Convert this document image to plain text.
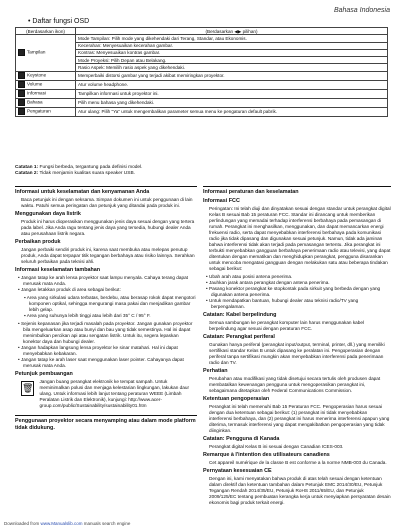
Bahasa Indonesia
• Daftar fungsi OSD
(Berdasarkan ikon)	(Berdasarkan ◀▶ pilihan)
Tampilan	Mode Tampilan: Pilih mode yang dikehendaki dari Terang, Standar, atau Ekonomis.
	Kecerahan: Menyesuaikan kecerahan gambar.
	Kontras: Menyesuaikan kontras gambar.
	Mode Proyeksi: Pilih Depan atau Belakang.
	Rasio Aspek: Memilih rasio aspek yang dikehendaki.
Keystone	Memperbaiki distorsi gambar yang terjadi akibat memiringkan proyektor.
Volume	Atur volume headphone.
Informasi	Tampilkan informasi untuk proyektor ini.
Bahasa	Pilih menu bahasa yang dikehendaki.
Pengaturan	Atur ulang: Pilih "Ya" untuk mengembalikan parameter semua menu ke pengaturan default pabrik.
Catatan 1: Fungsi berbeda, tergantung pada definisi model.
Catatan 2: Tidak menjamin kualitas suara speaker USB.
Informasi untuk keselamatan dan kenyamanan Anda
Baca petunjuk ini dengan seksama. Simpan dokumen ini untuk penggunaan di lain waktu. Patuhi semua peringatan dan petunjuk yang ditandai pada produk ini.
Menggunakan daya listrik
Produk ini harus dioperasikan menggunakan jenis daya sesuai dengan yang tertera pada label. Jika Anda ragu tentang jenis daya yang tersedia, hubungi dealer Anda atau perusahaan listrik negara.
Perbaikan produk
Jangan perbaiki sendiri produk ini, karena saat membuka atau melepas penutup produk, Anda dapat terpapar titik tegangan berbahaya atau risiko lainnya. Serahkan seluruh perbaikan pada teknisi ahli.
Informasi keselamatan tambahan
• Jangan tatap ke arah lensa proyektor saat lampu menyala. Cahaya terang dapat merusak mata Anda.
• Jangan letakkan produk di area sebagai berikut:
▪ Area yang sirkulasi udara terbatas, berdebu, atau berasap rokok dapat mengotori komponen optikal, sehingga mengurangi masa pakai dan menjadikan gambar lebih gelap.
▪ Area yang suhunya lebih tinggi atau lebih dari 35° C / 95° F.
• Sejenis kepanasan jika terjadi masalah pada proyektor. Jangan gunakan proyektor bila mengeluarkan asap atau bunyi dan bau yang tidak semestinya. Hal ini dapat menimbulkan percikan api atau sengatan listrik. Untuk itu, segera lepaskan konektor daya dan hubungi dealer.
• Jangan hadapkan langsung lensa proyektor ke sinar matahari. Hal ini dapat menyebabkan kebakaran.
• Jangan tatap ke arah laser saat menggunakan laser pointer. Cahayanya dapat merusak mata Anda.
Petunjuk pembuangan
🗑
Jangan buang perangkat elektronik ke tempat sampah. Untuk meminimalkan polusi dan menjaga kelestarian lingkungan, lakukan daur ulang. Untuk informasi lebih lanjut tentang peraturan WEEE (Limbah Peralatan Listrik dan Elektronik), kunjungi: http://www.acer-group.com/public/Sustainability/sustainability01.htm
Penggunaan proyektor secara menyamping atau dalam mode platform tidak didukung.
Informasi peraturan dan keselamatan
Informasi FCC
Peringatan: Ini telah diuji dan dinyatakan sesuai dengan standar untuk perangkat digital Kelas B sesuai Bab 15 peraturan FCC. Standar ini dirancang untuk memberikan perlindungan yang memadai terhadap interferensi berbahaya pada pemasangan di rumah. Perangkat ini menghasilkan, menggunakan, dan dapat memancarkan energi frekuensi radio, serta dapat menyebabkan interferensi berbahaya pada komunikasi radio jika tidak dipasang dan digunakan sesuai petunjuk. Namun, tidak ada jaminan bahwa interferensi tidak akan terjadi pada pemasangan tertentu. Jika perangkat ini terbukti menyebabkan gangguan berbahaya penerimaan radio atau televisi, yang dapat ditentukan dengan mematikan dan menghidupkan perangkat, pengguna disarankan untuk mencoba mengatasi gangguan dengan melakukan satu atau beberapa tindakan sebagai berikut:
• Ubah arah atau posisi antena penerima.
• Jauhkan jarak antara perangkat dengan antena penerima.
• Pasang konektor perangkat ke stopkontak pada sirkuit yang berbeda dengan yang digunakan antena penerima.
• Untuk mendapatkan bantuan, hubungi dealer atau teknisi radio/TV yang berpengalaman.
Catatan: Kabel berpelindung
Semua sambungan ke perangkat komputer lain harus menggunakan kabel berpelindung agar sesuai dengan peraturan FCC.
Catatan: Perangkat periferal
Gunakan hanya periferal (perangkat input/output, terminal, printer, dll.) yang memiliki sertifikasi standar Kelas B untuk dipasang ke peralatan ini. Pengoperasian dengan periferal tanpa sertifikasi mungkin akan menyebabkan interferensi pada penerimaan radio dan TV.
Perhatian
Perubahan atau modifikasi yang tidak disetujui secara tertulis oleh produsen dapat membatalkan kewenangan pengguna untuk mengoperasikan perangkat ini, sebagaimana ditetapkan oleh Federal Communications Commission.
Ketentuan pengoperasian
Perangkat ini telah memenuhi Bab 15 Peraturan FCC. Pengoperasian harus sesuai dengan dua ketentuan sebagai berikut: (1) perangkat ini tidak menyebabkan interferensi berbahaya, dan (2) perangkat ini harus menerima interferensi apapun yang diterima, termasuk interferensi yang dapat mengakibatkan pengoperasian yang tidak diinginkan.
Catatan: Pengguna di Kanada
Perangkat digital Kelas B ini sesuai dengan Canadian ICES-003.
Remarque à l'intention des utilisateurs canadiens
Cet appareil numérique de la classe B est conforme a la norme NMB-003 du Canada.
Pernyataan kesesuaian CE
Dengan ini, kami menyatakan bahwa produk di atas telah sesuai dengan ketentuan dalam direktif dan ketentuan tambahan dalam Petunjuk EMC 2014/30/EU, Petunjuk Tegangan Rendah 2014/35/EU, Petunjuk RoHS 2011/65/EU, dan Petunjuk 2009/125/EC tentang pembuatan kerangka kerja untuk menyiapkan persyaratan desain ekonomis bagi produk terkait energi.
Downloaded from www.Manualslib.com manuals search engine
